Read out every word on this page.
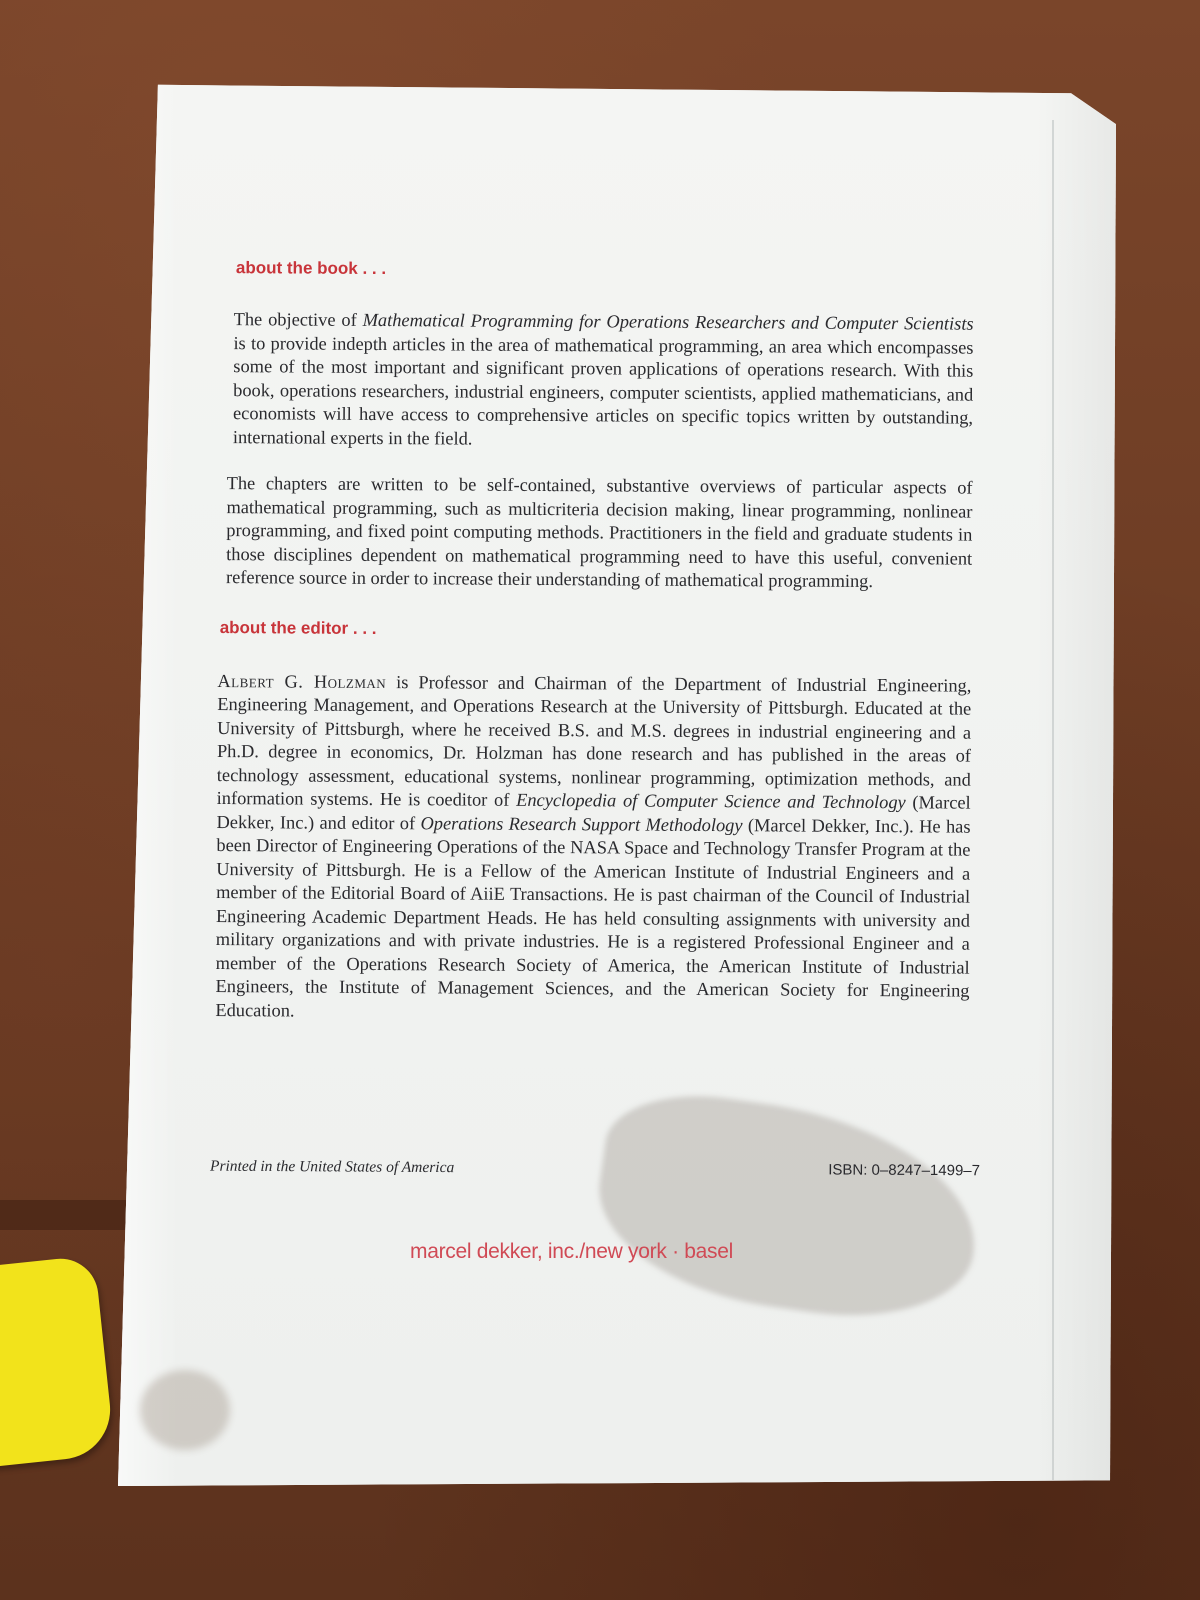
about the book . . .

The objective of Mathematical Programming for Operations Researchers and Computer Scientists is to provide indepth articles in the area of mathematical programming, an area which encompasses some of the most important and significant proven applications of operations research. With this book, operations researchers, industrial engineers, computer scientists, applied mathematicians, and economists will have access to comprehensive articles on specific topics written by outstanding, international experts in the field.

The chapters are written to be self-contained, substantive overviews of particular aspects of mathematical programming, such as multicriteria decision making, linear programming, nonlinear programming, and fixed point computing methods. Practitioners in the field and graduate students in those disciplines dependent on mathematical programming need to have this useful, convenient reference source in order to increase their understanding of mathematical programming.

about the editor . . .

Albert G. Holzman is Professor and Chairman of the Department of Industrial Engineering, Engineering Management, and Operations Research at the University of Pittsburgh. Educated at the University of Pittsburgh, where he received B.S. and M.S. degrees in industrial engineering and a Ph.D. degree in economics, Dr. Holzman has done research and has published in the areas of technology assessment, educational systems, nonlinear programming, optimization methods, and information systems. He is coeditor of Encyclopedia of Computer Science and Technology (Marcel Dekker, Inc.) and editor of Operations Research Support Methodology (Marcel Dekker, Inc.). He has been Director of Engineering Operations of the NASA Space and Technology Transfer Program at the University of Pittsburgh. He is a Fellow of the American Institute of Industrial Engineers and a member of the Editorial Board of AiiE Transactions. He is past chairman of the Council of Industrial Engineering Academic Department Heads. He has held consulting assignments with university and military organizations and with private industries. He is a registered Professional Engineer and a member of the Operations Research Society of America, the American Institute of Industrial Engineers, the Institute of Management Sciences, and the American Society for Engineering Education.

Printed in the United States of America	ISBN: 0–8247–1499–7
marcel dekker, inc./new york · basel
